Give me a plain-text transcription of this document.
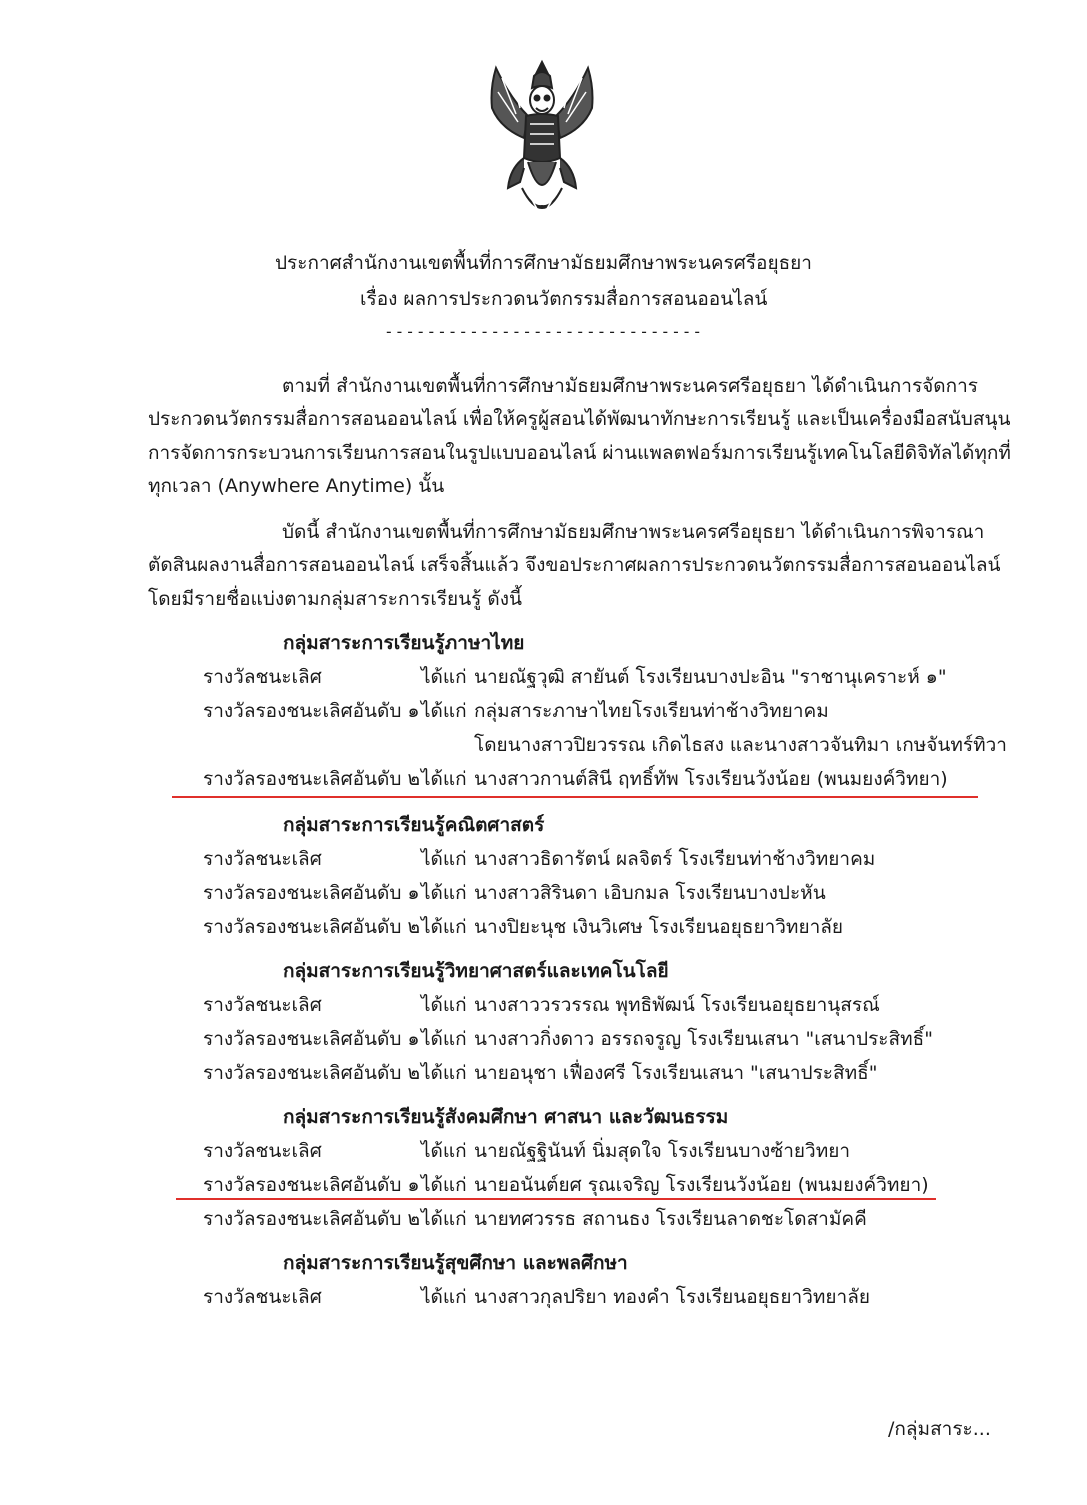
ประกาศสำนักงานเขตพื้นที่การศึกษามัธยมศึกษาพระนครศรีอยุธยา
เรื่อง ผลการประกวดนวัตกรรมสื่อการสอนออนไลน์
------------------------------
ตามที่ สำนักงานเขตพื้นที่การศึกษามัธยมศึกษาพระนครศรีอยุธยา ได้ดำเนินการจัดการ
ประกวดนวัตกรรมสื่อการสอนออนไลน์ เพื่อให้ครูผู้สอนได้พัฒนาทักษะการเรียนรู้ และเป็นเครื่องมือสนับสนุน
การจัดการกระบวนการเรียนการสอนในรูปแบบออนไลน์ ผ่านแพลตฟอร์มการเรียนรู้เทคโนโลยีดิจิทัลได้ทุกที่
ทุกเวลา (Anywhere Anytime) นั้น
บัดนี้ สำนักงานเขตพื้นที่การศึกษามัธยมศึกษาพระนครศรีอยุธยา ได้ดำเนินการพิจารณา
ตัดสินผลงานสื่อการสอนออนไลน์ เสร็จสิ้นแล้ว จึงขอประกาศผลการประกวดนวัตกรรมสื่อการสอนออนไลน์
โดยมีรายชื่อแบ่งตามกลุ่มสาระการเรียนรู้ ดังนี้
กลุ่มสาระการเรียนรู้ภาษาไทย
รางวัลชนะเลิศ	ได้แก่ นายณัฐวุฒิ สายันต์ โรงเรียนบางปะอิน "ราชานุเคราะห์ ๑"
รางวัลรองชนะเลิศอันดับ ๑ ได้แก่ กลุ่มสาระภาษาไทยโรงเรียนท่าช้างวิทยาคม
โดยนางสาวปิยวรรณ เกิดไธสง และนางสาวจันทิมา เกษจันทร์ทิวา
รางวัลรองชนะเลิศอันดับ ๒ ได้แก่ นางสาวกานต์สินี ฤทธิ์ทัพ โรงเรียนวังน้อย (พนมยงค์วิทยา)
กลุ่มสาระการเรียนรู้คณิตศาสตร์
รางวัลชนะเลิศ	ได้แก่ นางสาวธิดารัตน์ ผลจิตร์ โรงเรียนท่าช้างวิทยาคม
รางวัลรองชนะเลิศอันดับ ๑ ได้แก่ นางสาวสิรินดา เอิบกมล โรงเรียนบางปะหัน
รางวัลรองชนะเลิศอันดับ ๒ ได้แก่ นางปิยะนุช เงินวิเศษ โรงเรียนอยุธยาวิทยาลัย
กลุ่มสาระการเรียนรู้วิทยาศาสตร์และเทคโนโลยี
รางวัลชนะเลิศ	ได้แก่ นางสาววรวรรณ พุทธิพัฒน์ โรงเรียนอยุธยานุสรณ์
รางวัลรองชนะเลิศอันดับ ๑ ได้แก่ นางสาวกิ่งดาว อรรถจรูญ โรงเรียนเสนา "เสนาประสิทธิ์"
รางวัลรองชนะเลิศอันดับ ๒ ได้แก่ นายอนุชา เฟื่องศรี โรงเรียนเสนา "เสนาประสิทธิ์"
กลุ่มสาระการเรียนรู้สังคมศึกษา ศาสนา และวัฒนธรรม
รางวัลชนะเลิศ	ได้แก่ นายณัฐฐินันท์ นิ่มสุดใจ โรงเรียนบางซ้ายวิทยา
รางวัลรองชนะเลิศอันดับ ๑ ได้แก่ นายอนันต์ยศ รุณเจริญ โรงเรียนวังน้อย (พนมยงค์วิทยา)
รางวัลรองชนะเลิศอันดับ ๒ ได้แก่ นายทศวรรธ สถานธง โรงเรียนลาดชะโดสามัคคี
กลุ่มสาระการเรียนรู้สุขศึกษา และพลศึกษา
รางวัลชนะเลิศ	ได้แก่ นางสาวกุลปริยา ทองคำ โรงเรียนอยุธยาวิทยาลัย
/กลุ่มสาระ...
